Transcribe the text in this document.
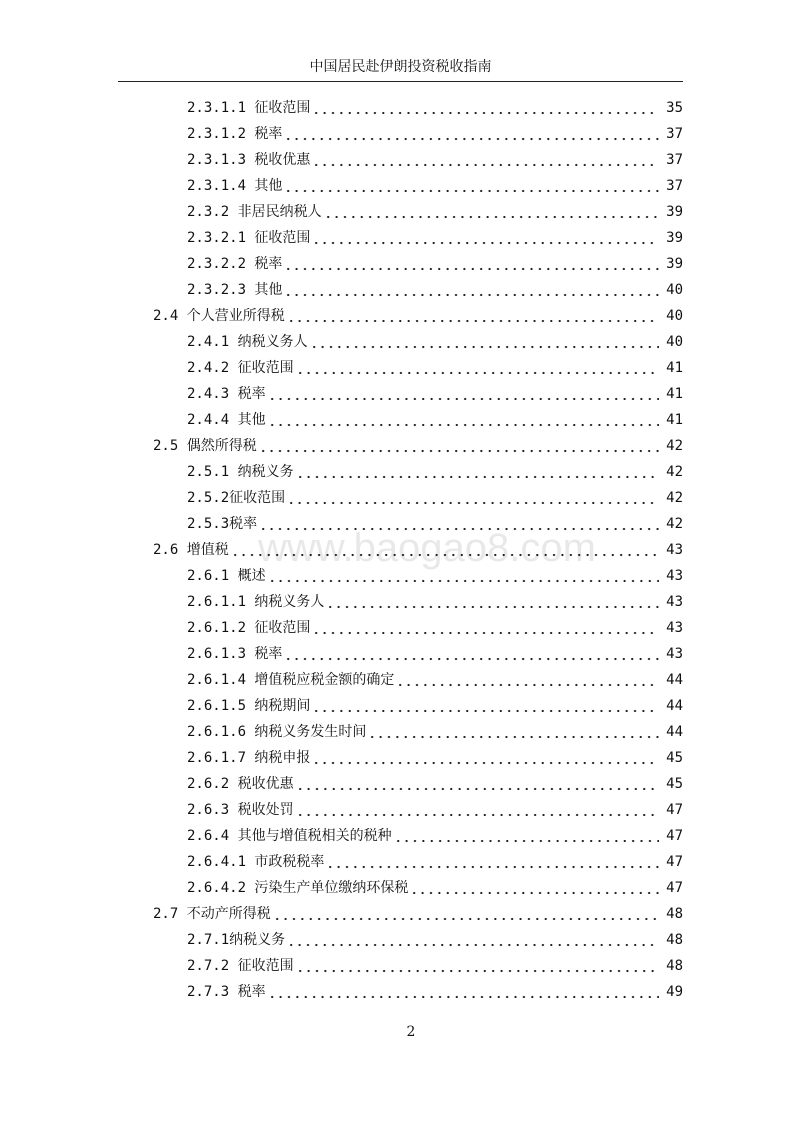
中国居民赴伊朗投资税收指南
2.3.1.1 征收范围	35
2.3.1.2 税率	37
2.3.1.3 税收优惠	37
2.3.1.4 其他	37
2.3.2 非居民纳税人	39
2.3.2.1 征收范围	39
2.3.2.2 税率	39
2.3.2.3 其他	40
2.4 个人营业所得税	40
2.4.1 纳税义务人	40
2.4.2 征收范围	41
2.4.3 税率	41
2.4.4 其他	41
2.5 偶然所得税	42
2.5.1 纳税义务	42
2.5.2征收范围	42
2.5.3税率	42
2.6 增值税	43
2.6.1 概述	43
2.6.1.1 纳税义务人	43
2.6.1.2 征收范围	43
2.6.1.3 税率	43
2.6.1.4 增值税应税金额的确定	44
2.6.1.5 纳税期间	44
2.6.1.6 纳税义务发生时间	44
2.6.1.7 纳税申报	45
2.6.2 税收优惠	45
2.6.3 税收处罚	47
2.6.4 其他与增值税相关的税种	47
2.6.4.1 市政税税率	47
2.6.4.2 污染生产单位缴纳环保税	47
2.7 不动产所得税	48
2.7.1纳税义务	48
2.7.2 征收范围	48
2.7.3 税率	49
2
